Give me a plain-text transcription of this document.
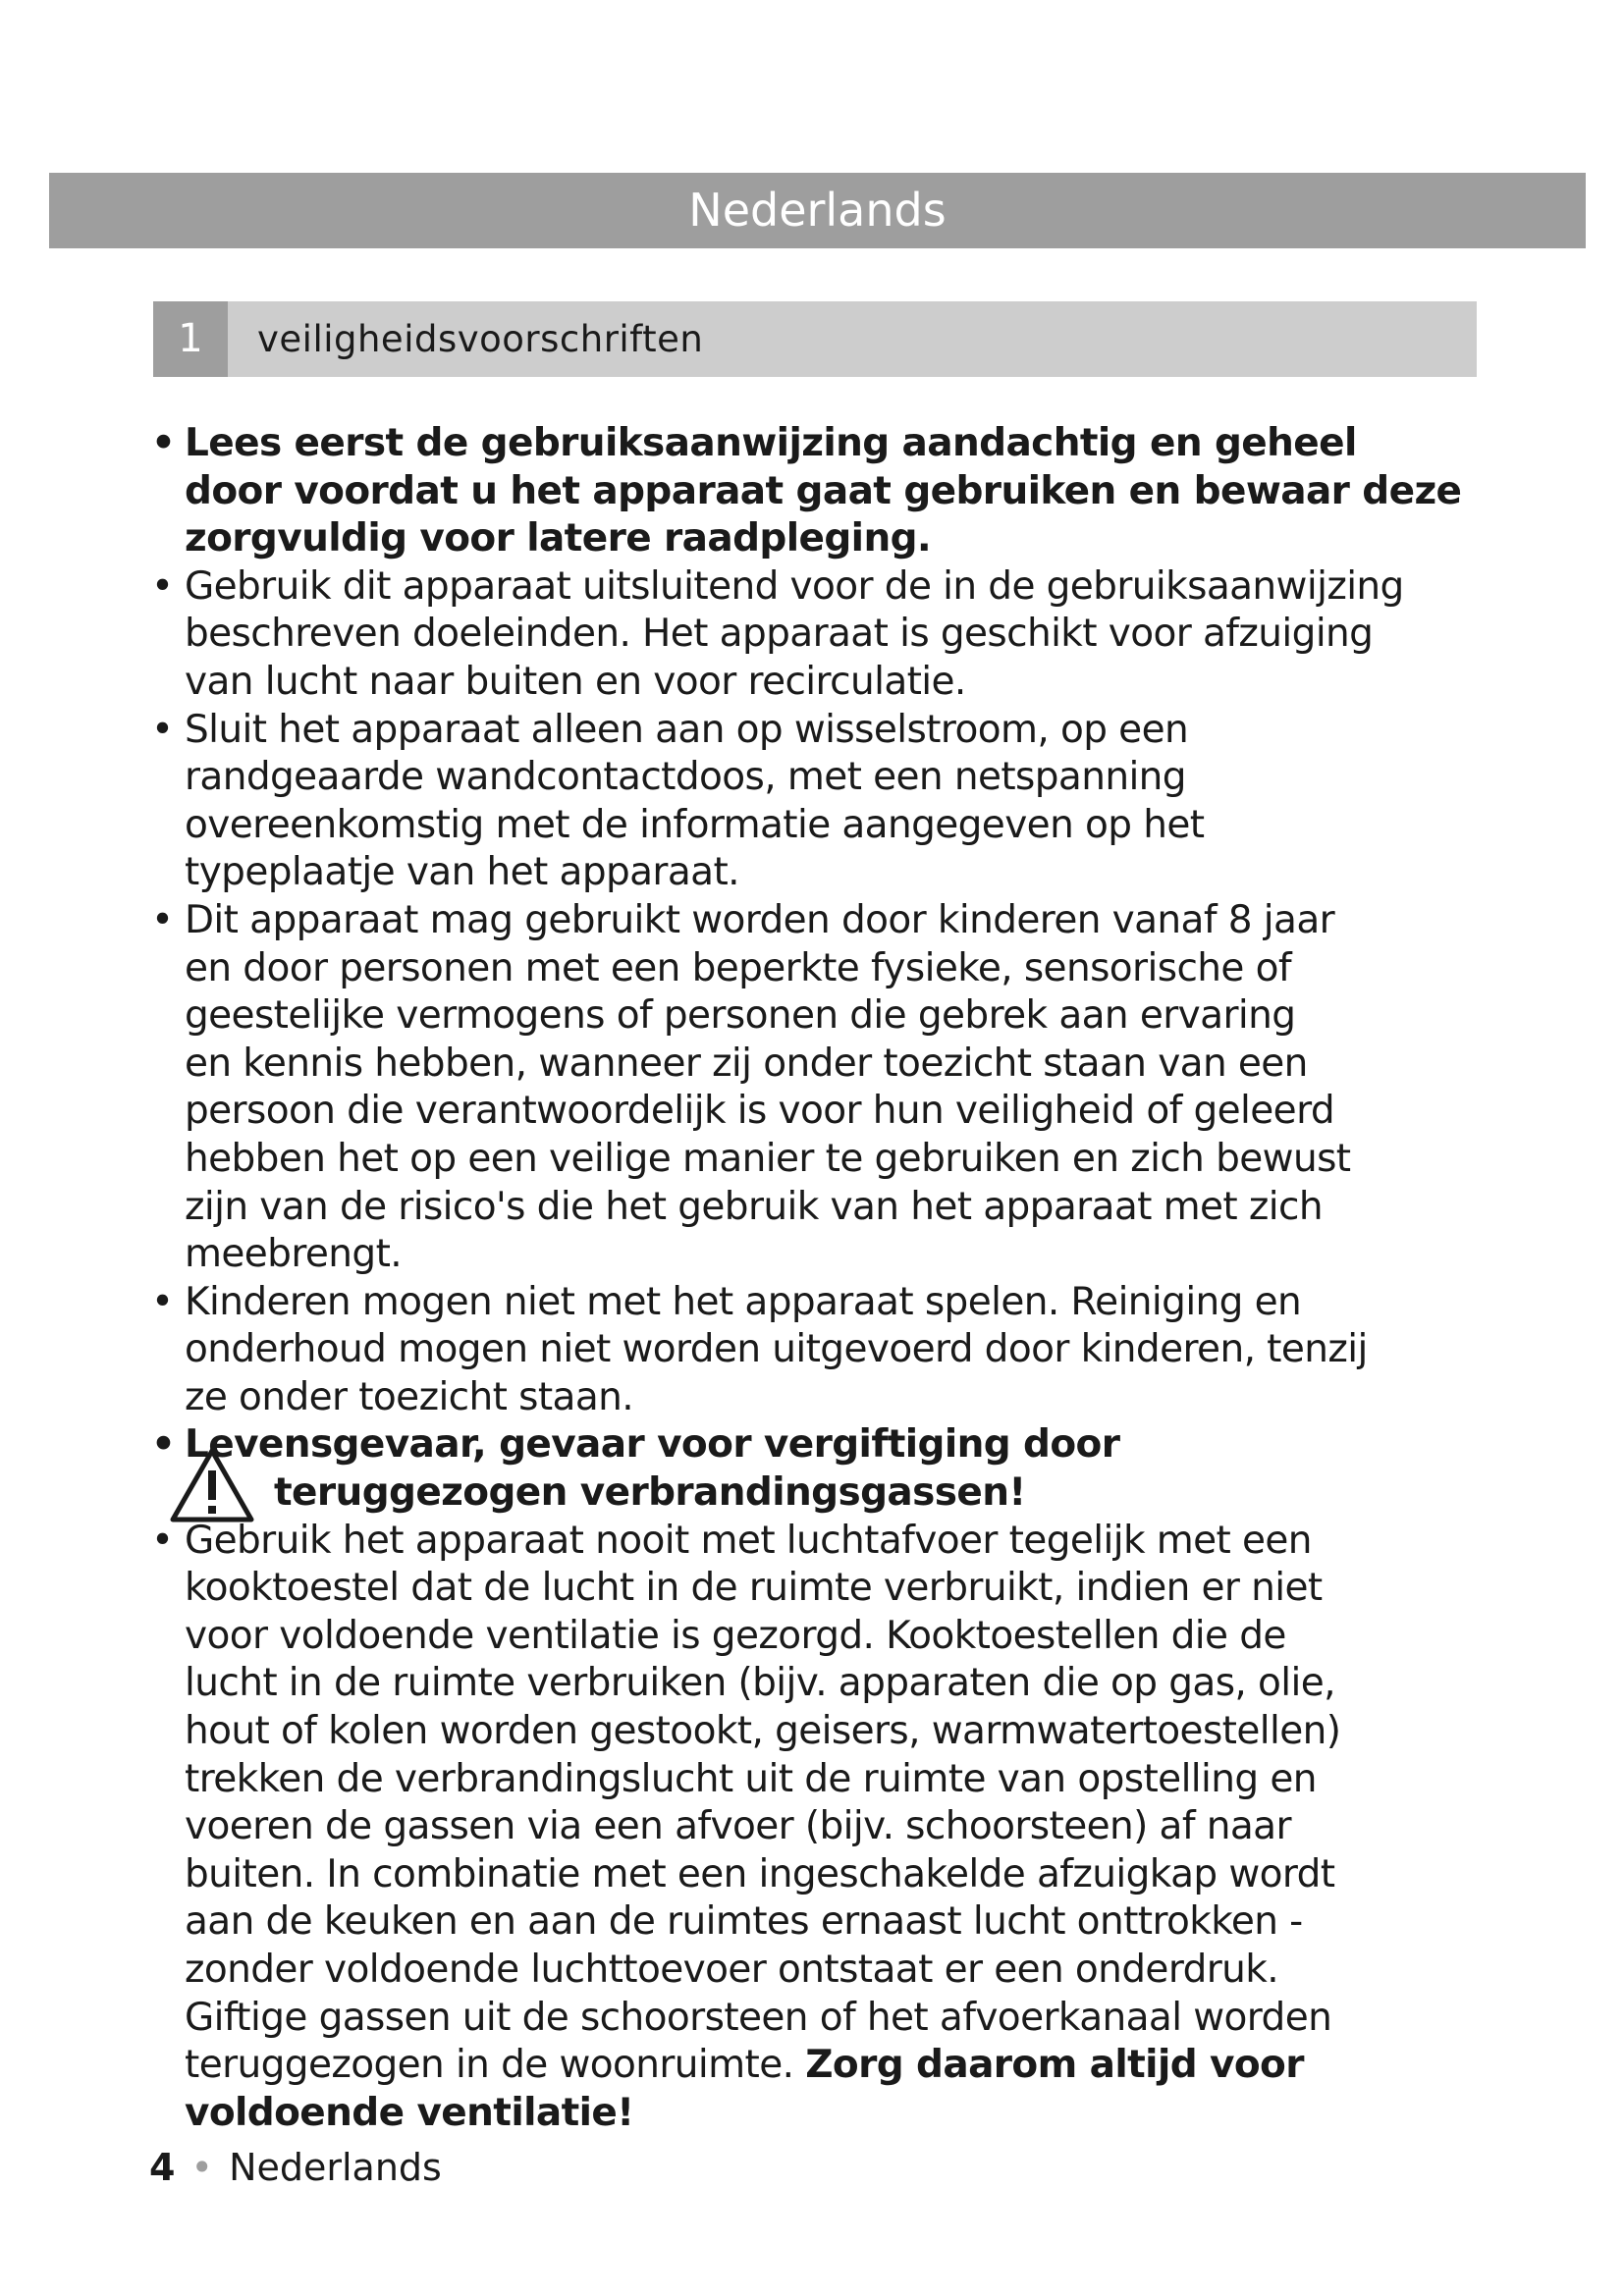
Nederlands
1	veiligheidsvoorschriften
• Lees eerst de gebruiksaanwijzing aandachtig en geheel
door voordat u het apparaat gaat gebruiken en bewaar deze
zorgvuldig voor latere raadpleging.
• Gebruik dit apparaat uitsluitend voor de in de gebruiksaanwijzing
beschreven doeleinden. Het apparaat is geschikt voor afzuiging
van lucht naar buiten en voor recirculatie.
• Sluit het apparaat alleen aan op wisselstroom, op een
randgeaarde wandcontactdoos, met een netspanning
overeenkomstig met de informatie aangegeven op het
typeplaatje van het apparaat.
• Dit apparaat mag gebruikt worden door kinderen vanaf 8 jaar
en door personen met een beperkte fysieke, sensorische of
geestelijke vermogens of personen die gebrek aan ervaring
en kennis hebben, wanneer zij onder toezicht staan van een
persoon die verantwoordelijk is voor hun veiligheid of geleerd
hebben het op een veilige manier te gebruiken en zich bewust
zijn van de risico's die het gebruik van het apparaat met zich
meebrengt.
• Kinderen mogen niet met het apparaat spelen. Reiniging en
onderhoud mogen niet worden uitgevoerd door kinderen, tenzij
ze onder toezicht staan.
• Levensgevaar, gevaar voor vergiftiging door
teruggezogen verbrandingsgassen!
• Gebruik het apparaat nooit met luchtafvoer tegelijk met een
kooktoestel dat de lucht in de ruimte verbruikt, indien er niet
voor voldoende ventilatie is gezorgd. Kooktoestellen die de
lucht in de ruimte verbruiken (bijv. apparaten die op gas, olie,
hout of kolen worden gestookt, geisers, warmwatertoestellen)
trekken de verbrandingslucht uit de ruimte van opstelling en
voeren de gassen via een afvoer (bijv. schoorsteen) af naar
buiten. In combinatie met een ingeschakelde afzuigkap wordt
aan de keuken en aan de ruimtes ernaast lucht onttrokken -
zonder voldoende luchttoevoer ontstaat er een onderdruk.
Giftige gassen uit de schoorsteen of het afvoerkanaal worden
teruggezogen in de woonruimte. Zorg daarom altijd voor
voldoende ventilatie!
4 • Nederlands
